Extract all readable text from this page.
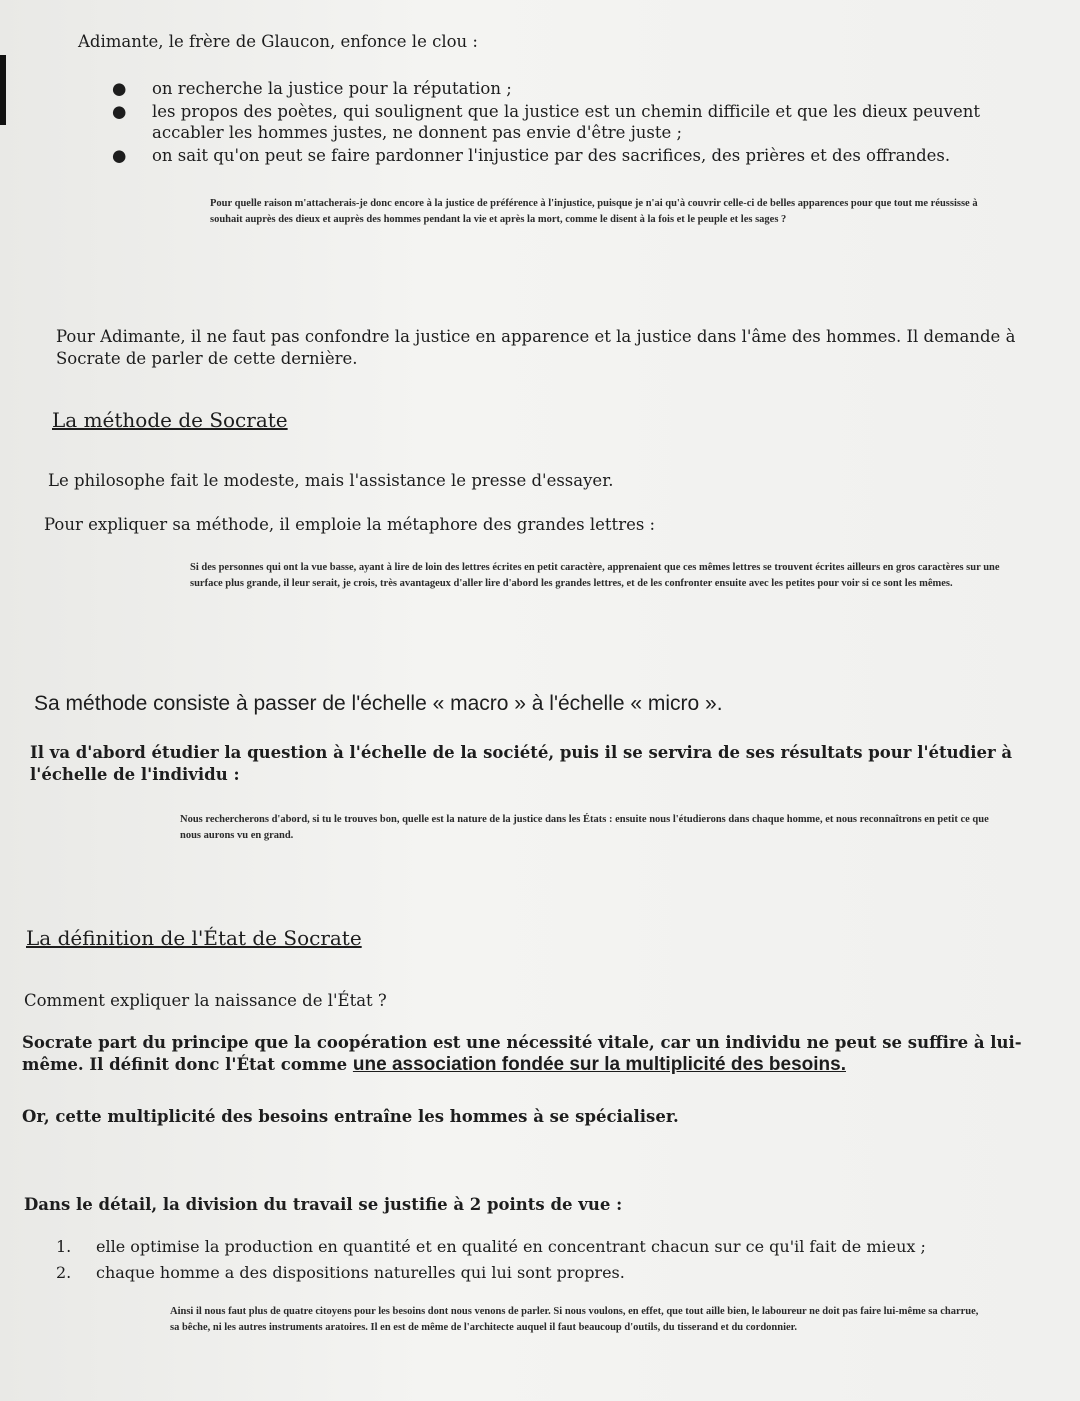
Adimante, le frère de Glaucon, enfonce le clou :

● on recherche la justice pour la réputation ;
● les propos des poètes, qui soulignent que la justice est un chemin difficile et que les dieux peuvent accabler les hommes justes, ne donnent pas envie d'être juste ;
● on sait qu'on peut se faire pardonner l'injustice par des sacrifices, des prières et des offrandes.

Pour quelle raison m'attacherais-je donc encore à la justice de préférence à l'injustice, puisque je n'ai qu'à couvrir celle-ci de belles apparences pour que tout me réussisse à souhait auprès des dieux et auprès des hommes pendant la vie et après la mort, comme le disent à la fois et le peuple et les sages ?

Pour Adimante, il ne faut pas confondre la justice en apparence et la justice dans l'âme des hommes. Il demande à Socrate de parler de cette dernière.

La méthode de Socrate

Le philosophe fait le modeste, mais l'assistance le presse d'essayer.

Pour expliquer sa méthode, il emploie la métaphore des grandes lettres :

Si des personnes qui ont la vue basse, ayant à lire de loin des lettres écrites en petit caractère, apprenaient que ces mêmes lettres se trouvent écrites ailleurs en gros caractères sur une surface plus grande, il leur serait, je crois, très avantageux d'aller lire d'abord les grandes lettres, et de les confronter ensuite avec les petites pour voir si ce sont les mêmes.

Sa méthode consiste à passer de l'échelle « macro » à l'échelle « micro ».

Il va d'abord étudier la question à l'échelle de la société, puis il se servira de ses résultats pour l'étudier à l'échelle de l'individu :

Nous rechercherons d'abord, si tu le trouves bon, quelle est la nature de la justice dans les États : ensuite nous l'étudierons dans chaque homme, et nous reconnaîtrons en petit ce que nous aurons vu en grand.

La définition de l'État de Socrate

Comment expliquer la naissance de l'État ?

Socrate part du principe que la coopération est une nécessité vitale, car un individu ne peut se suffire à lui-même. Il définit donc l'État comme une association fondée sur la multiplicité des besoins.

Or, cette multiplicité des besoins entraîne les hommes à se spécialiser.

Dans le détail, la division du travail se justifie à 2 points de vue :

1. elle optimise la production en quantité et en qualité en concentrant chacun sur ce qu'il fait de mieux ;
2. chaque homme a des dispositions naturelles qui lui sont propres.

Ainsi il nous faut plus de quatre citoyens pour les besoins dont nous venons de parler. Si nous voulons, en effet, que tout aille bien, le laboureur ne doit pas faire lui-même sa charrue, sa bêche, ni les autres instruments aratoires. Il en est de même de l'architecte auquel il faut beaucoup d'outils, du tisserand et du cordonnier.
